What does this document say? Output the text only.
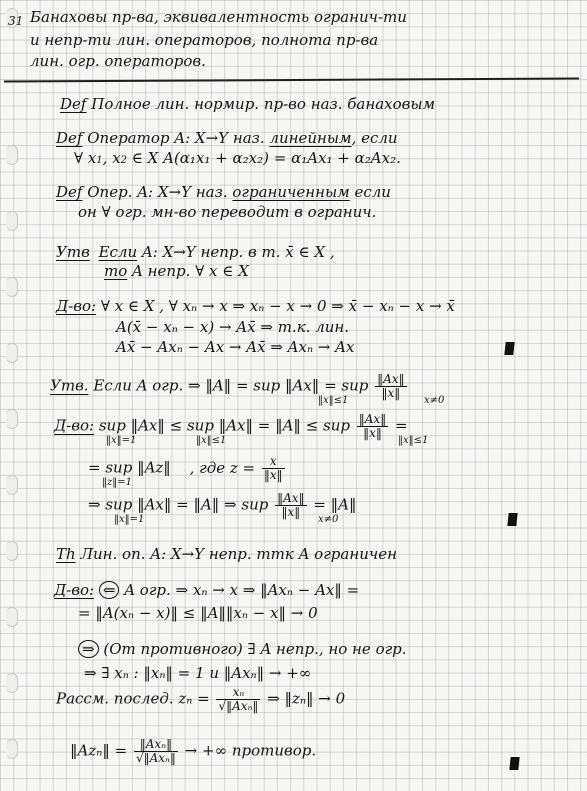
31 Банаховы пр-ва, эквивалентность огранич-ти
и непр-ти лин. операторов, полнота пр-ва
лин. огр. операторов.
Def Полное лин. нормир. пр-во наз. банаховым
Def Оператор A: X→Y наз. линейным, если
∀ x1, x2 ∈ X A(α₁x₁ + α₂x₂) = α₁Ax₁ + α₂Ax₂.
Def Опер. A: X→Y наз. ограниченным если
он ∀ огр. мн-во переводит в огранич.
Утв Если A: X→Y непр. в т. x̄ ∈ X ,
то A непр. ∀ x ∈ X
Д-во: ∀ x ∈ X , ∀ xₙ → x ⇒ xₙ − x → 0 ⇒ x̄ − xₙ − x → x̄
A(x̄ − xₙ − x) → Ax̄ ⇒ т.к. лин.
Ax̄ − Axₙ − Ax → Ax̄ ⇒ Axₙ → Ax
Утв. Если A огр. ⇒ ‖A‖ = sup ‖Ax‖ = sup $\frac{‖Ax‖}{‖x‖}$
‖x‖≤1	x≠0
Д-во: sup ‖Ax‖ ≤ sup ‖Ax‖ = ‖A‖ ≤ sup $\frac{‖Ax‖}{‖x‖}$ =
‖x‖=1	‖x‖≤1	‖x‖≤1
= sup ‖Az‖ , где $z = \frac{x}{‖x‖}$
‖z‖=1
⇒ sup ‖Ax‖ = ‖A‖ ⇒ sup $\frac{‖Ax‖}{‖x‖}$ = ‖A‖
‖x‖=1	x≠0
Th Лин. оп. A: X→Y непр. ттк A ограничен
Д-во: ⇐ A огр. ⇒ xₙ → x ⇒ ‖Axₙ − Ax‖ =
= ‖A(xₙ − x)‖ ≤ ‖A‖‖xₙ − x‖ → 0
⇒ (От противного) ∃ A непр., но не огр.
⇒ ∃ xₙ : ‖xₙ‖ = 1 и ‖Axₙ‖ → +∞
Рассм. послед. $z_n = \frac{\text{xₙ}}{\text{√‖Axₙ‖}}$ ⇒ ‖zₙ‖ → 0
‖Azₙ‖ = $\frac{\text{‖Axₙ‖}}{\text{√‖Axₙ‖}}$ → +∞ противор.
